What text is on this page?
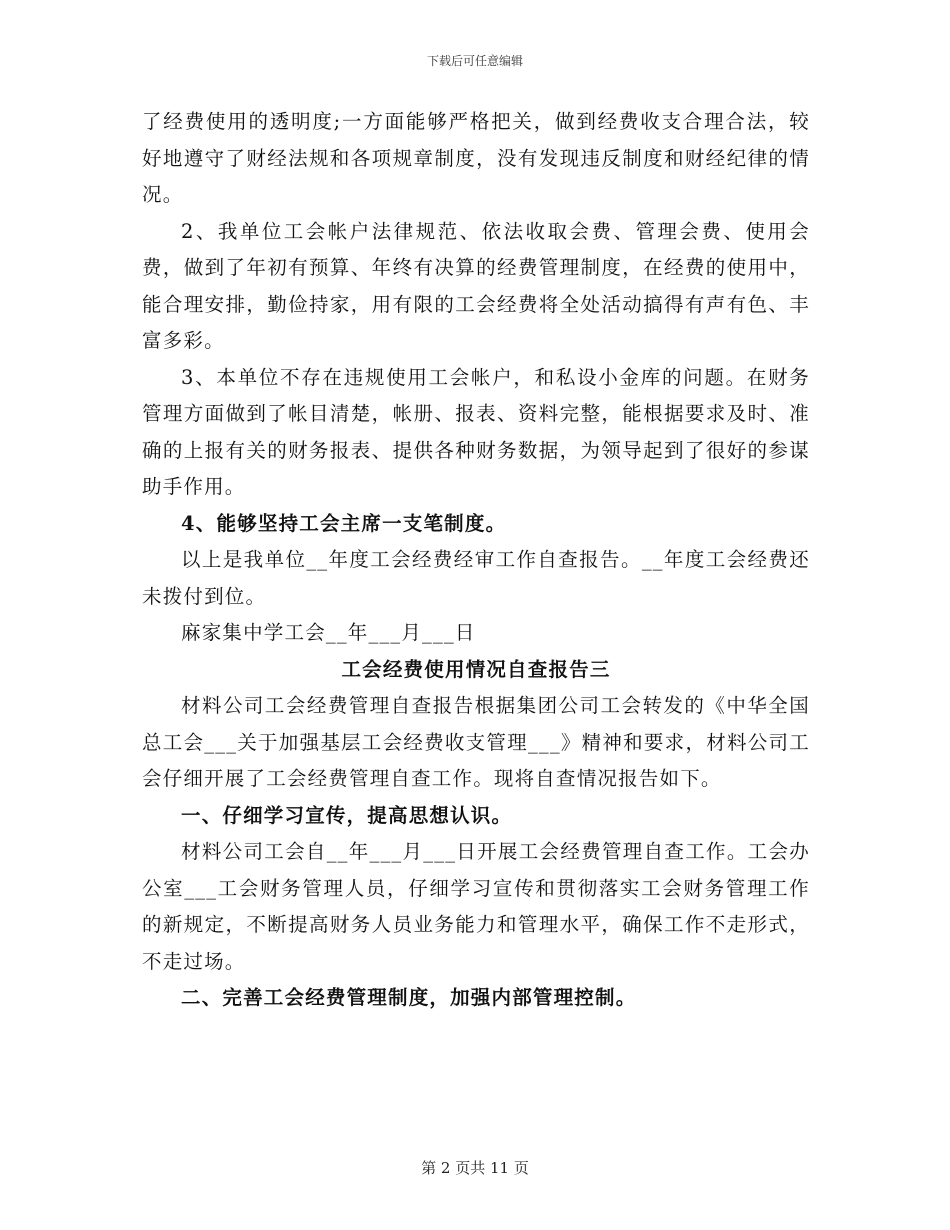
下载后可任意编辑

了经费使用的透明度;一方面能够严格把关，做到经费收支合理合法，较好地遵守了财经法规和各项规章制度，没有发现违反制度和财经纪律的情况。

2、我单位工会帐户法律规范、依法收取会费、管理会费、使用会费，做到了年初有预算、年终有决算的经费管理制度，在经费的使用中，能合理安排，勤俭持家，用有限的工会经费将全处活动搞得有声有色、丰富多彩。

3、本单位不存在违规使用工会帐户，和私设小金库的问题。在财务管理方面做到了帐目清楚，帐册、报表、资料完整，能根据要求及时、准确的上报有关的财务报表、提供各种财务数据，为领导起到了很好的参谋助手作用。

4、能够坚持工会主席一支笔制度。

以上是我单位__年度工会经费经审工作自查报告。__年度工会经费还未拨付到位。

麻家集中学工会__年___月___日

工会经费使用情况自查报告三

材料公司工会经费管理自查报告根据集团公司工会转发的《中华全国总工会___关于加强基层工会经费收支管理___》精神和要求，材料公司工会仔细开展了工会经费管理自查工作。现将自查情况报告如下。

一、仔细学习宣传，提高思想认识。

材料公司工会自__年___月___日开展工会经费管理自查工作。工会办公室___工会财务管理人员，仔细学习宣传和贯彻落实工会财务管理工作的新规定，不断提高财务人员业务能力和管理水平，确保工作不走形式，不走过场。

二、完善工会经费管理制度，加强内部管理控制。

第 2 页共 11 页
